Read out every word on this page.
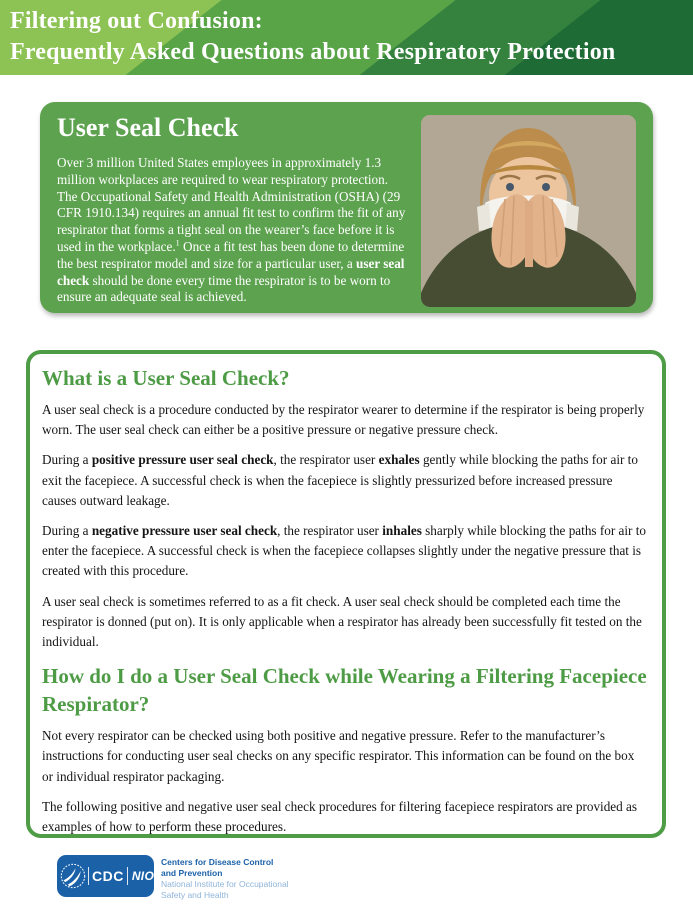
Filtering out Confusion:
Frequently Asked Questions about Respiratory Protection
User Seal Check

Over 3 million United States employees in approximately 1.3 million workplaces are required to wear respiratory protection. The Occupational Safety and Health Administration (OSHA) (29 CFR 1910.134) requires an annual fit test to confirm the fit of any respirator that forms a tight seal on the wearer’s face before it is used in the workplace.$^1$ Once a fit test has been done to determine the best respirator model and size for a particular user, a user seal check should be done every time the respirator is to be worn to ensure an adequate seal is achieved.

What is a User Seal Check?

A user seal check is a procedure conducted by the respirator wearer to determine if the respirator is being properly worn. The user seal check can either be a positive pressure or negative pressure check.

During a positive pressure user seal check, the respirator user exhales gently while blocking the paths for air to exit the facepiece. A successful check is when the facepiece is slightly pressurized before increased pressure causes outward leakage.

During a negative pressure user seal check, the respirator user inhales sharply while blocking the paths for air to enter the facepiece. A successful check is when the facepiece collapses slightly under the negative pressure that is created with this procedure.

A user seal check is sometimes referred to as a fit check. A user seal check should be completed each time the respirator is donned (put on). It is only applicable when a respirator has already been successfully fit tested on the individual.

How do I do a User Seal Check while Wearing a Filtering Facepiece Respirator?

Not every respirator can be checked using both positive and negative pressure. Refer to the manufacturer’s instructions for conducting user seal checks on any specific respirator. This information can be found on the box or individual respirator packaging.

The following positive and negative user seal check procedures for filtering facepiece respirators are provided as examples of how to perform these procedures.

CDC NIOSH
Centers for Disease Control
and Prevention
National Institute for Occupational
Safety and Health
